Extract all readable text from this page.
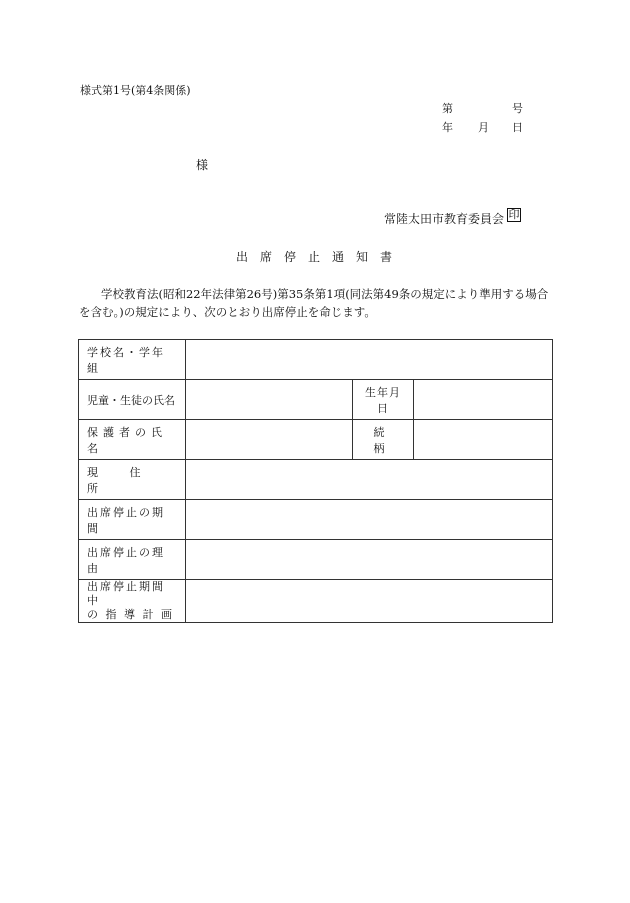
様式第1号(第4条関係)
第	号
年 月 日
様
常陸太田市教育委員会 印
出席停止通知書
学校教育法(昭和22年法律第26号)第35条第1項(同法第49条の規定により準用する場合を含む。)の規定により、次のとおり出席停止を命じます。
学校名・学年組			
児童・生徒の氏名		生年月日	
保護者の氏名		続 柄	
現 住 所			
出席停止の期間			
出席停止の理由			

出席停止期間中
の 指 導 計 画			
